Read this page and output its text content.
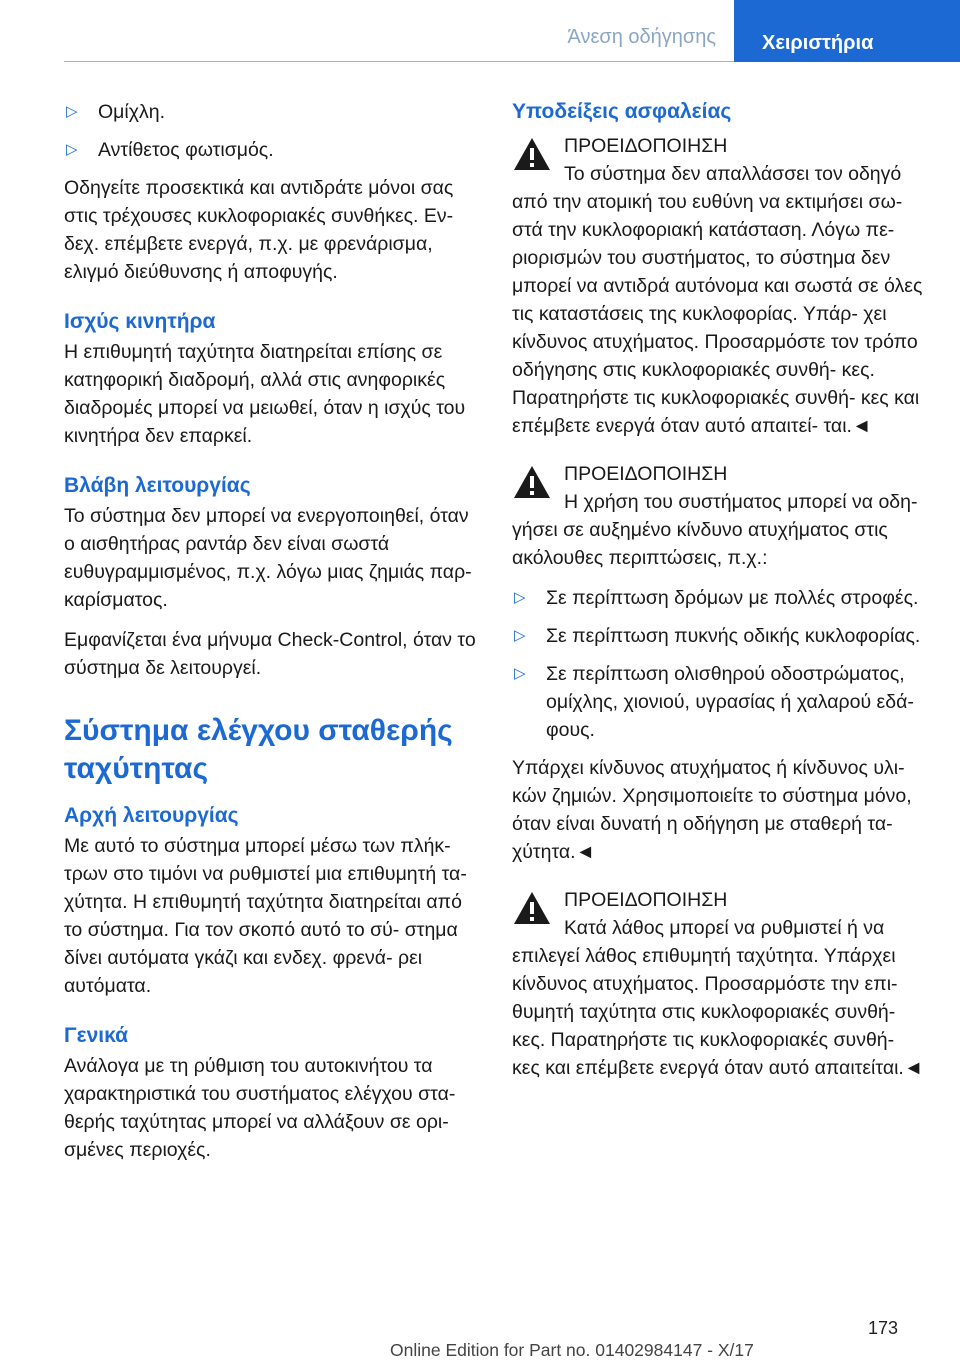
Άνεση οδήγησης	Χειριστήρια
▷ Ομίχλη.
▷ Αντίθετος φωτισμός.

Οδηγείτε προσεκτικά και αντιδράτε μόνοι σας στις τρέχουσες κυκλοφοριακές συνθήκες. Εν- δεχ. επέμβετε ενεργά, π.χ. με φρενάρισμα, ελιγμό διεύθυνσης ή αποφυγής.

Ισχύς κινητήρα

Η επιθυμητή ταχύτητα διατηρείται επίσης σε κατηφορική διαδρομή, αλλά στις ανηφορικές διαδρομές μπορεί να μειωθεί, όταν η ισχύς του κινητήρα δεν επαρκεί.

Βλάβη λειτουργίας

Το σύστημα δεν μπορεί να ενεργοποιηθεί, όταν ο αισθητήρας ραντάρ δεν είναι σωστά ευθυγραμμισμένος, π.χ. λόγω μιας ζημιάς παρ- καρίσματος.

Εμφανίζεται ένα μήνυμα Check-Control, όταν το σύστημα δε λειτουργεί.

Σύστημα ελέγχου σταθερής ταχύτητας
Αρχή λειτουργίας

Με αυτό το σύστημα μπορεί μέσω των πλήκ- τρων στο τιμόνι να ρυθμιστεί μια επιθυμητή τα- χύτητα. Η επιθυμητή ταχύτητα διατηρείται από το σύστημα. Για τον σκοπό αυτό το σύ- στημα δίνει αυτόματα γκάζι και ενδεχ. φρενά- ρει αυτόματα.

Γενικά

Ανάλογα με τη ρύθμιση του αυτοκινήτου τα χαρακτηριστικά του συστήματος ελέγχου στα- θερής ταχύτητας μπορεί να αλλάξουν σε ορι- σμένες περιοχές.

Υποδείξεις ασφαλείας

ΠΡΟΕΙΔΟΠΟΙΗΣΗ

Το σύστημα δεν απαλλάσσει τον οδηγό από την ατομική του ευθύνη να εκτιμήσει σω- στά την κυκλοφοριακή κατάσταση. Λόγω πε- ριορισμών του συστήματος, το σύστημα δεν μπορεί να αντιδρά αυτόνομα και σωστά σε όλες τις καταστάσεις της κυκλοφορίας. Υπάρ- χει κίνδυνος ατυχήματος. Προσαρμόστε τον τρόπο οδήγησης στις κυκλοφοριακές συνθή- κες. Παρατηρήστε τις κυκλοφοριακές συνθή- κες και επέμβετε ενεργά όταν αυτό απαιτεί- ται.◄

ΠΡΟΕΙΔΟΠΟΙΗΣΗ

Η χρήση του συστήματος μπορεί να οδη- γήσει σε αυξημένο κίνδυνο ατυχήματος στις ακόλουθες περιπτώσεις, π.χ.:

▷ Σε περίπτωση δρόμων με πολλές στροφές.
▷ Σε περίπτωση πυκνής οδικής κυκλοφορίας.
▷ Σε περίπτωση ολισθηρού οδοστρώματος, ομίχλης, χιονιού, υγρασίας ή χαλαρού εδά- φους.

Υπάρχει κίνδυνος ατυχήματος ή κίνδυνος υλι- κών ζημιών. Χρησιμοποιείτε το σύστημα μόνο, όταν είναι δυνατή η οδήγηση με σταθερή τα- χύτητα.◄

ΠΡΟΕΙΔΟΠΟΙΗΣΗ

Κατά λάθος μπορεί να ρυθμιστεί ή να επιλεγεί λάθος επιθυμητή ταχύτητα. Υπάρχει κίνδυνος ατυχήματος. Προσαρμόστε την επι- θυμητή ταχύτητα στις κυκλοφοριακές συνθή- κες. Παρατηρήστε τις κυκλοφοριακές συνθή- κες και επέμβετε ενεργά όταν αυτό απαιτείται.◄

173
Online Edition for Part no. 01402984147 - X/17
